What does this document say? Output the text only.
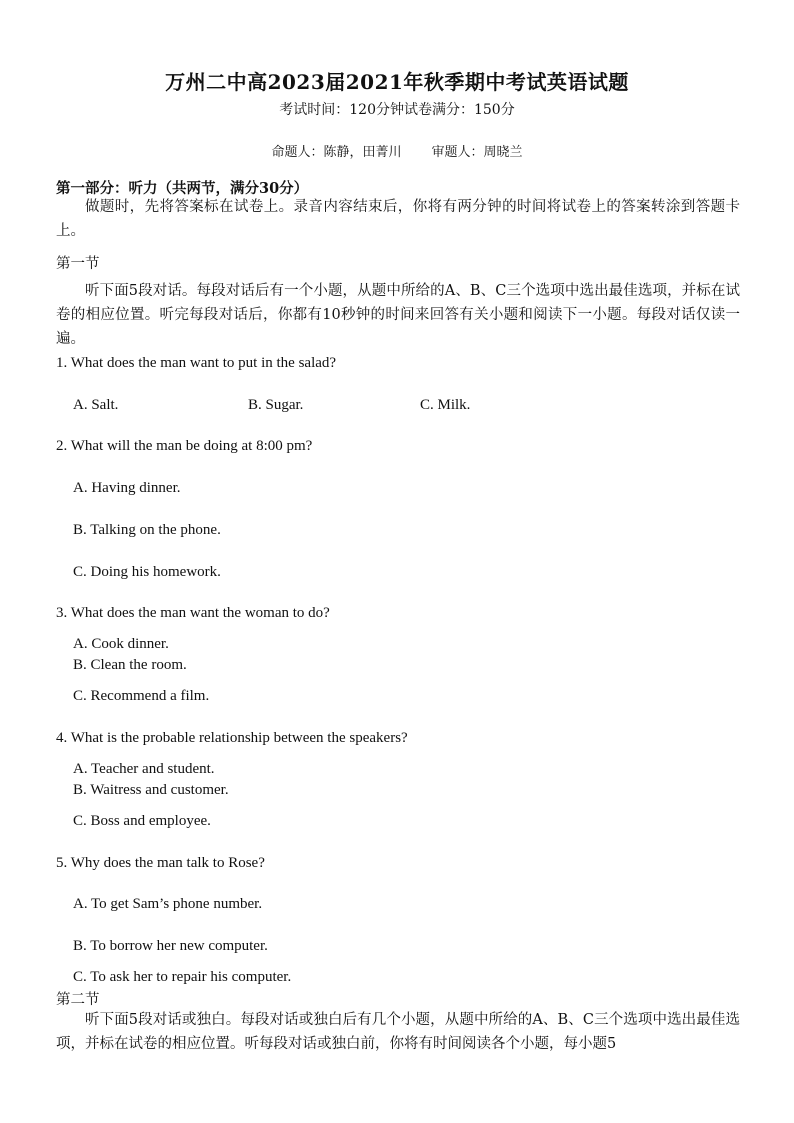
万州二中高2023届2021年秋季期中考试英语试题
考试时间：120分钟试卷满分：150分
命题人：陈静，田菁川 审题人：周晓兰
第一部分：听力（共两节，满分30分）
做题时，先将答案标在试卷上。录音内容结束后，你将有两分钟的时间将试卷上的答案转涂到答题卡上。
第一节
听下面5段对话。每段对话后有一个小题，从题中所给的A、B、C三个选项中选出最佳选项，并标在试卷的相应位置。听完每段对话后，你都有10秒钟的时间来回答有关小题和阅读下一小题。每段对话仅读一遍。
1. What does the man want to put in the salad?
A. Salt.	B. Sugar.	C. Milk.
2. What will the man be doing at 8:00 pm?
A. Having dinner.
B. Talking on the phone.
C. Doing his homework.
3. What does the man want the woman to do?
A. Cook dinner.
B. Clean the room.
C. Recommend a film.
4. What is the probable relationship between the speakers?
A. Teacher and student.
B. Waitress and customer.
C. Boss and employee.
5. Why does the man talk to Rose?
A. To get Sam’s phone number.
B. To borrow her new computer.
C. To ask her to repair his computer.
第二节
听下面5段对话或独白。每段对话或独白后有几个小题，从题中所给的A、B、C三个选项中选出最佳选项，并标在试卷的相应位置。听每段对话或独白前，你将有时间阅读各个小题，每小题5
